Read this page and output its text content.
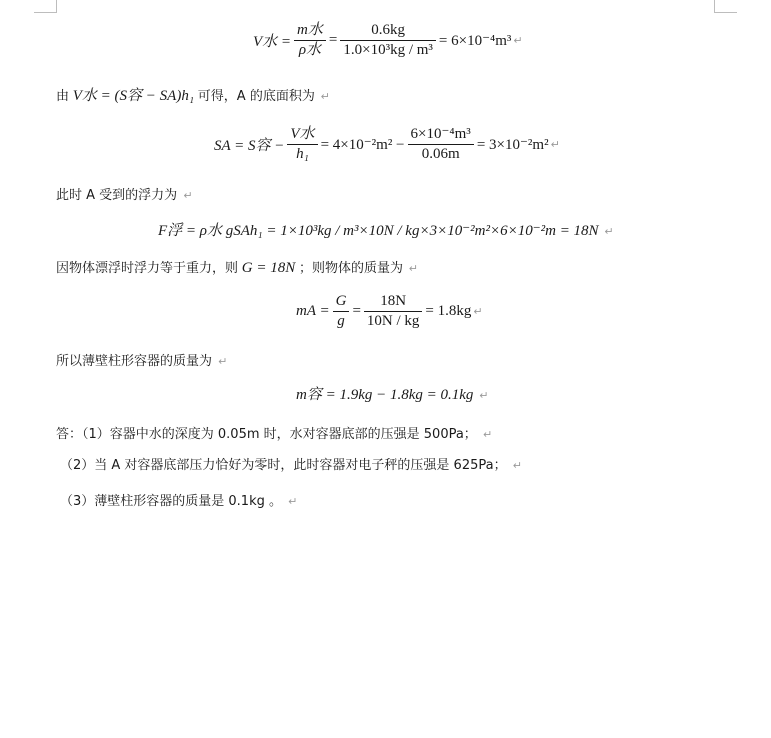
V水 = $\frac{\text{m水}}{\text{ρ水}} = \frac{0.6kg}{\text{1.0×10³kg / m³}} = 6\times 10^{-4}m^3$ ↵
由 V水 = (S容 − SA)h₁ 可得，A 的底面积为 ↵
SA = S容 − $\frac{\text{V水}}{\text{h₁}} = 4\times 10^{-2}m^2 - \frac{\text{6×10⁻⁴m³}}{0.06m} = 3\times 10^{-2}m^2$ ↵
此时 A 受到的浮力为 ↵
F浮 = ρ水 gSAh₁ = 1×10³kg / m³×10N / kg×3×10⁻²m²×6×10⁻²m = 18N ↵
因物体漂浮时浮力等于重力，则 G = 18N ；则物体的质量为 ↵
mA = $\frac{G}{g} = \frac{18N}{10N / kg} = 1.8kg$ ↵
所以薄壁柱形容器的质量为 ↵
m容 = 1.9kg − 1.8kg = 0.1kg ↵
答：（1）容器中水的深度为 0.05m 时，水对容器底部的压强是 500Pa； ↵
（2）当 A 对容器底部压力恰好为零时，此时容器对电子秤的压强是 625Pa； ↵
（3）薄壁柱形容器的质量是 0.1kg 。 ↵
